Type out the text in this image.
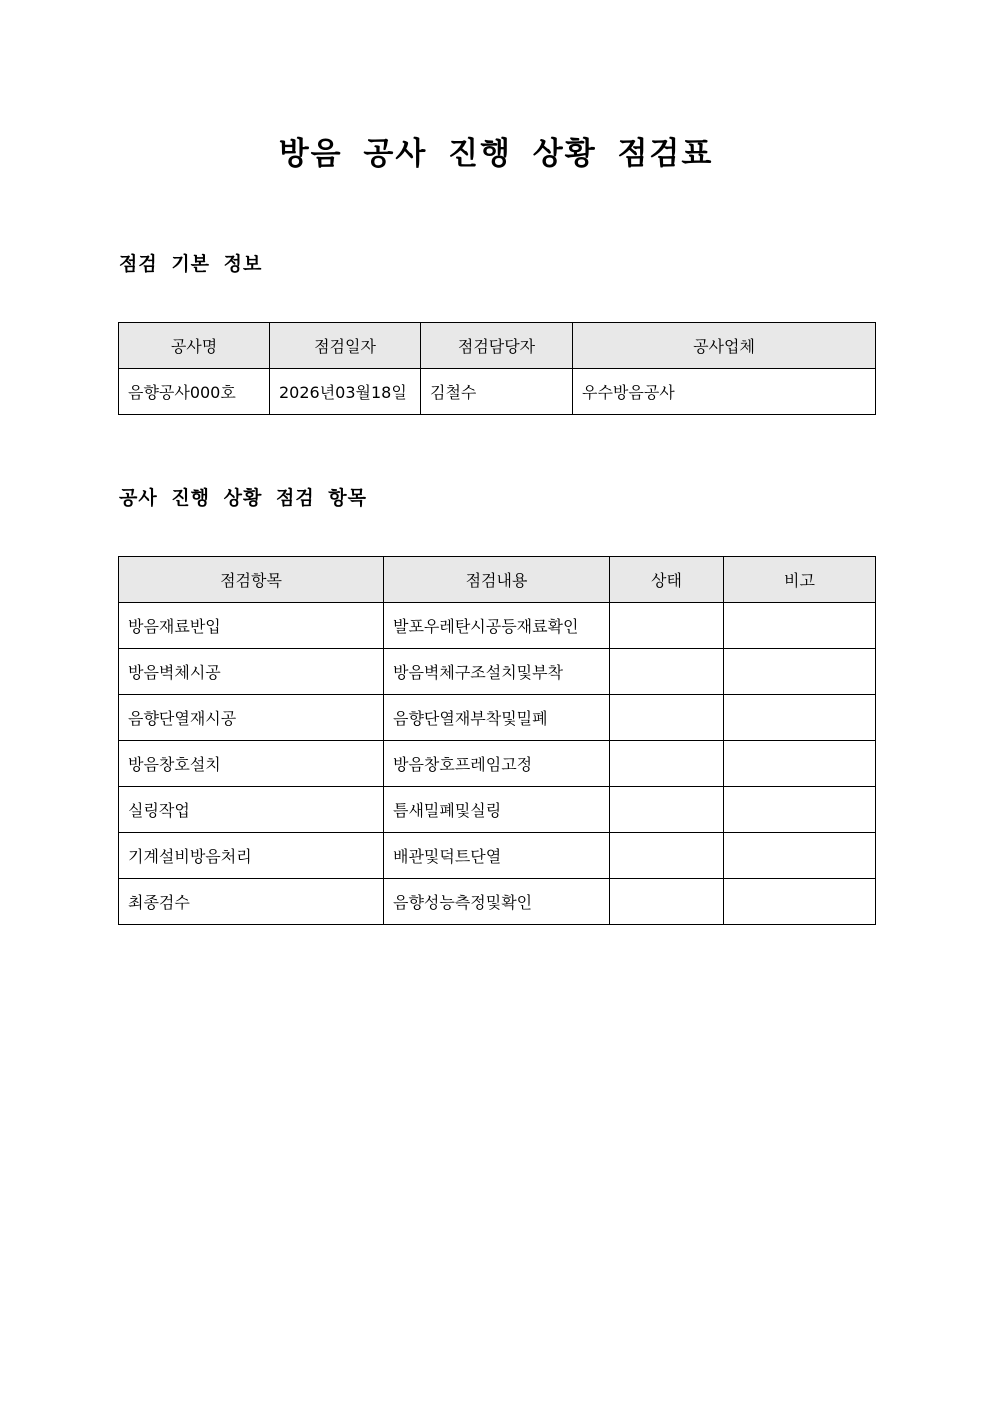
방음 공사 진행 상황 점검표
점검 기본 정보
공사명	점검일자	점검담당자	공사업체
음향공사000호	2026년03월18일	김철수	우수방음공사
공사 진행 상황 점검 항목
점검항목	점검내용	상태	비고
방음재료반입	발포우레탄시공등재료확인		
방음벽체시공	방음벽체구조설치및부착		
음향단열재시공	음향단열재부착및밀폐		
방음창호설치	방음창호프레임고정		
실링작업	틈새밀폐및실링		
기계설비방음처리	배관및덕트단열		
최종검수	음향성능측정및확인		
